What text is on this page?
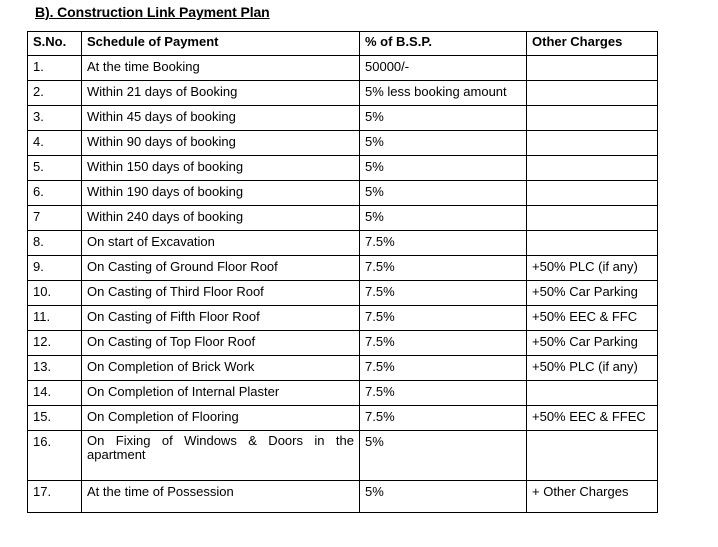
B). Construction Link Payment Plan
S.No.	Schedule of Payment	% of B.S.P.	Other Charges
1.	At the time Booking	50000/-	
2.	Within 21 days of Booking	5% less booking amount	
3.	Within 45 days of booking	5%	
4.	Within 90 days of booking	5%	
5.	Within 150 days of booking	5%	
6.	Within 190 days of booking	5%	
7	Within 240 days of booking	5%	
8.	On start of Excavation	7.5%	
9.	On Casting of Ground Floor Roof	7.5%	+50% PLC (if any)
10.	On Casting of Third Floor Roof	7.5%	+50% Car Parking
11.	On Casting of Fifth Floor Roof	7.5%	+50% EEC & FFC
12.	On Casting of Top Floor Roof	7.5%	+50% Car Parking
13.	On Completion of Brick Work	7.5%	+50% PLC (if any)
14.	On Completion of Internal Plaster	7.5%	
15.	On Completion of Flooring	7.5%	+50% EEC & FFEC
16.	On Fixing of Windows & Doors in the apartment	5%	
17.	At the time of Possession	5%	+ Other Charges
